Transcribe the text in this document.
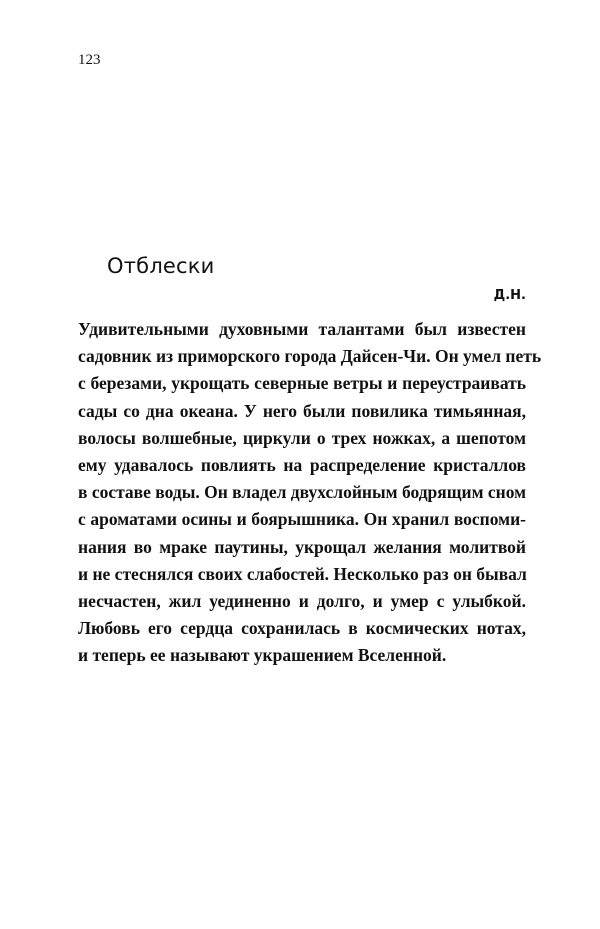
123
Отблески
Д.Н.
Удивительными духовными талантами был известен
садовник из приморского города Дайсен-Чи. Он умел петь
с березами, укрощать северные ветры и переустраивать
сады со дна океана. У него были повилика тимьянная,
волосы волшебные, циркули о трех ножках, а шепотом
ему удавалось повлиять на распределение кристаллов
в составе воды. Он владел двухслойным бодрящим сном
с ароматами осины и боярышника. Он хранил воспоми-
нания во мраке паутины, укрощал желания молитвой
и не стеснялся своих слабостей. Несколько раз он бывал
несчастен, жил уединенно и долго, и умер с улыбкой.
Любовь его сердца сохранилась в космических нотах,
и теперь ее называют украшением Вселенной.
